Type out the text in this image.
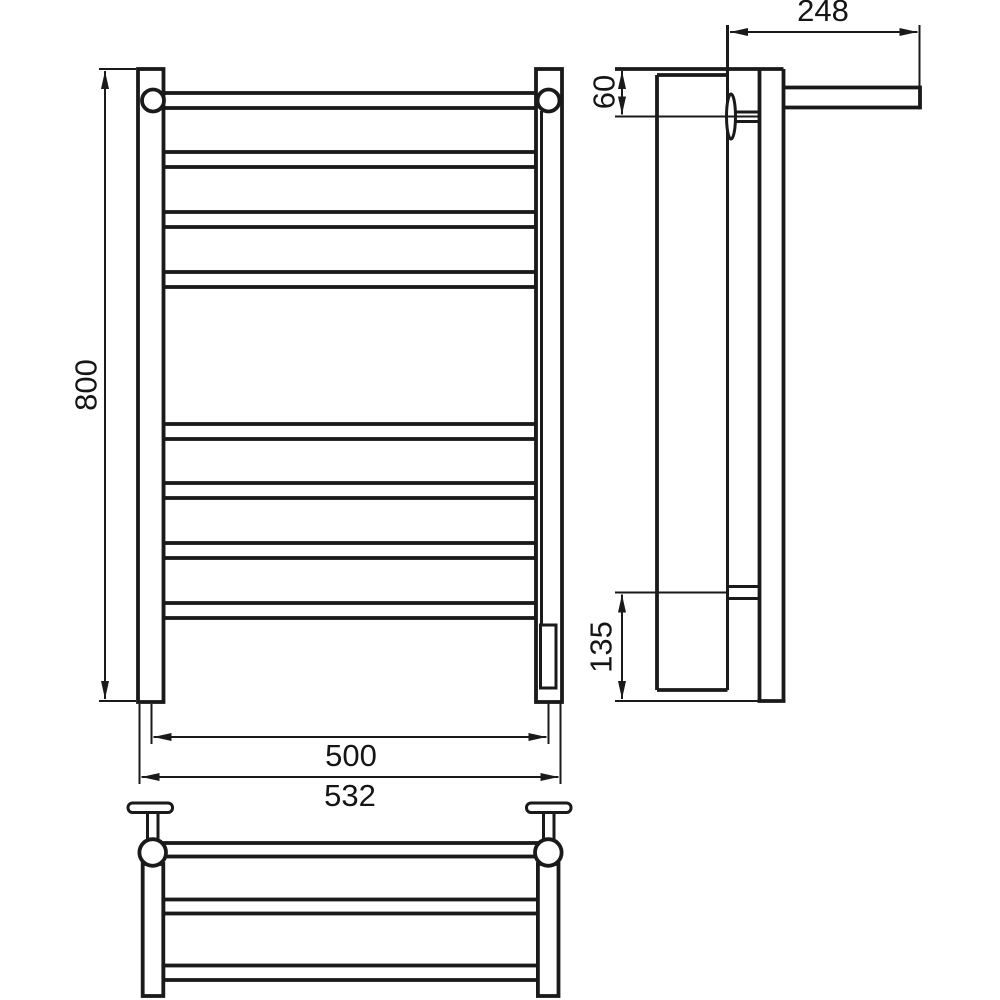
800
500
532
248
60
135
